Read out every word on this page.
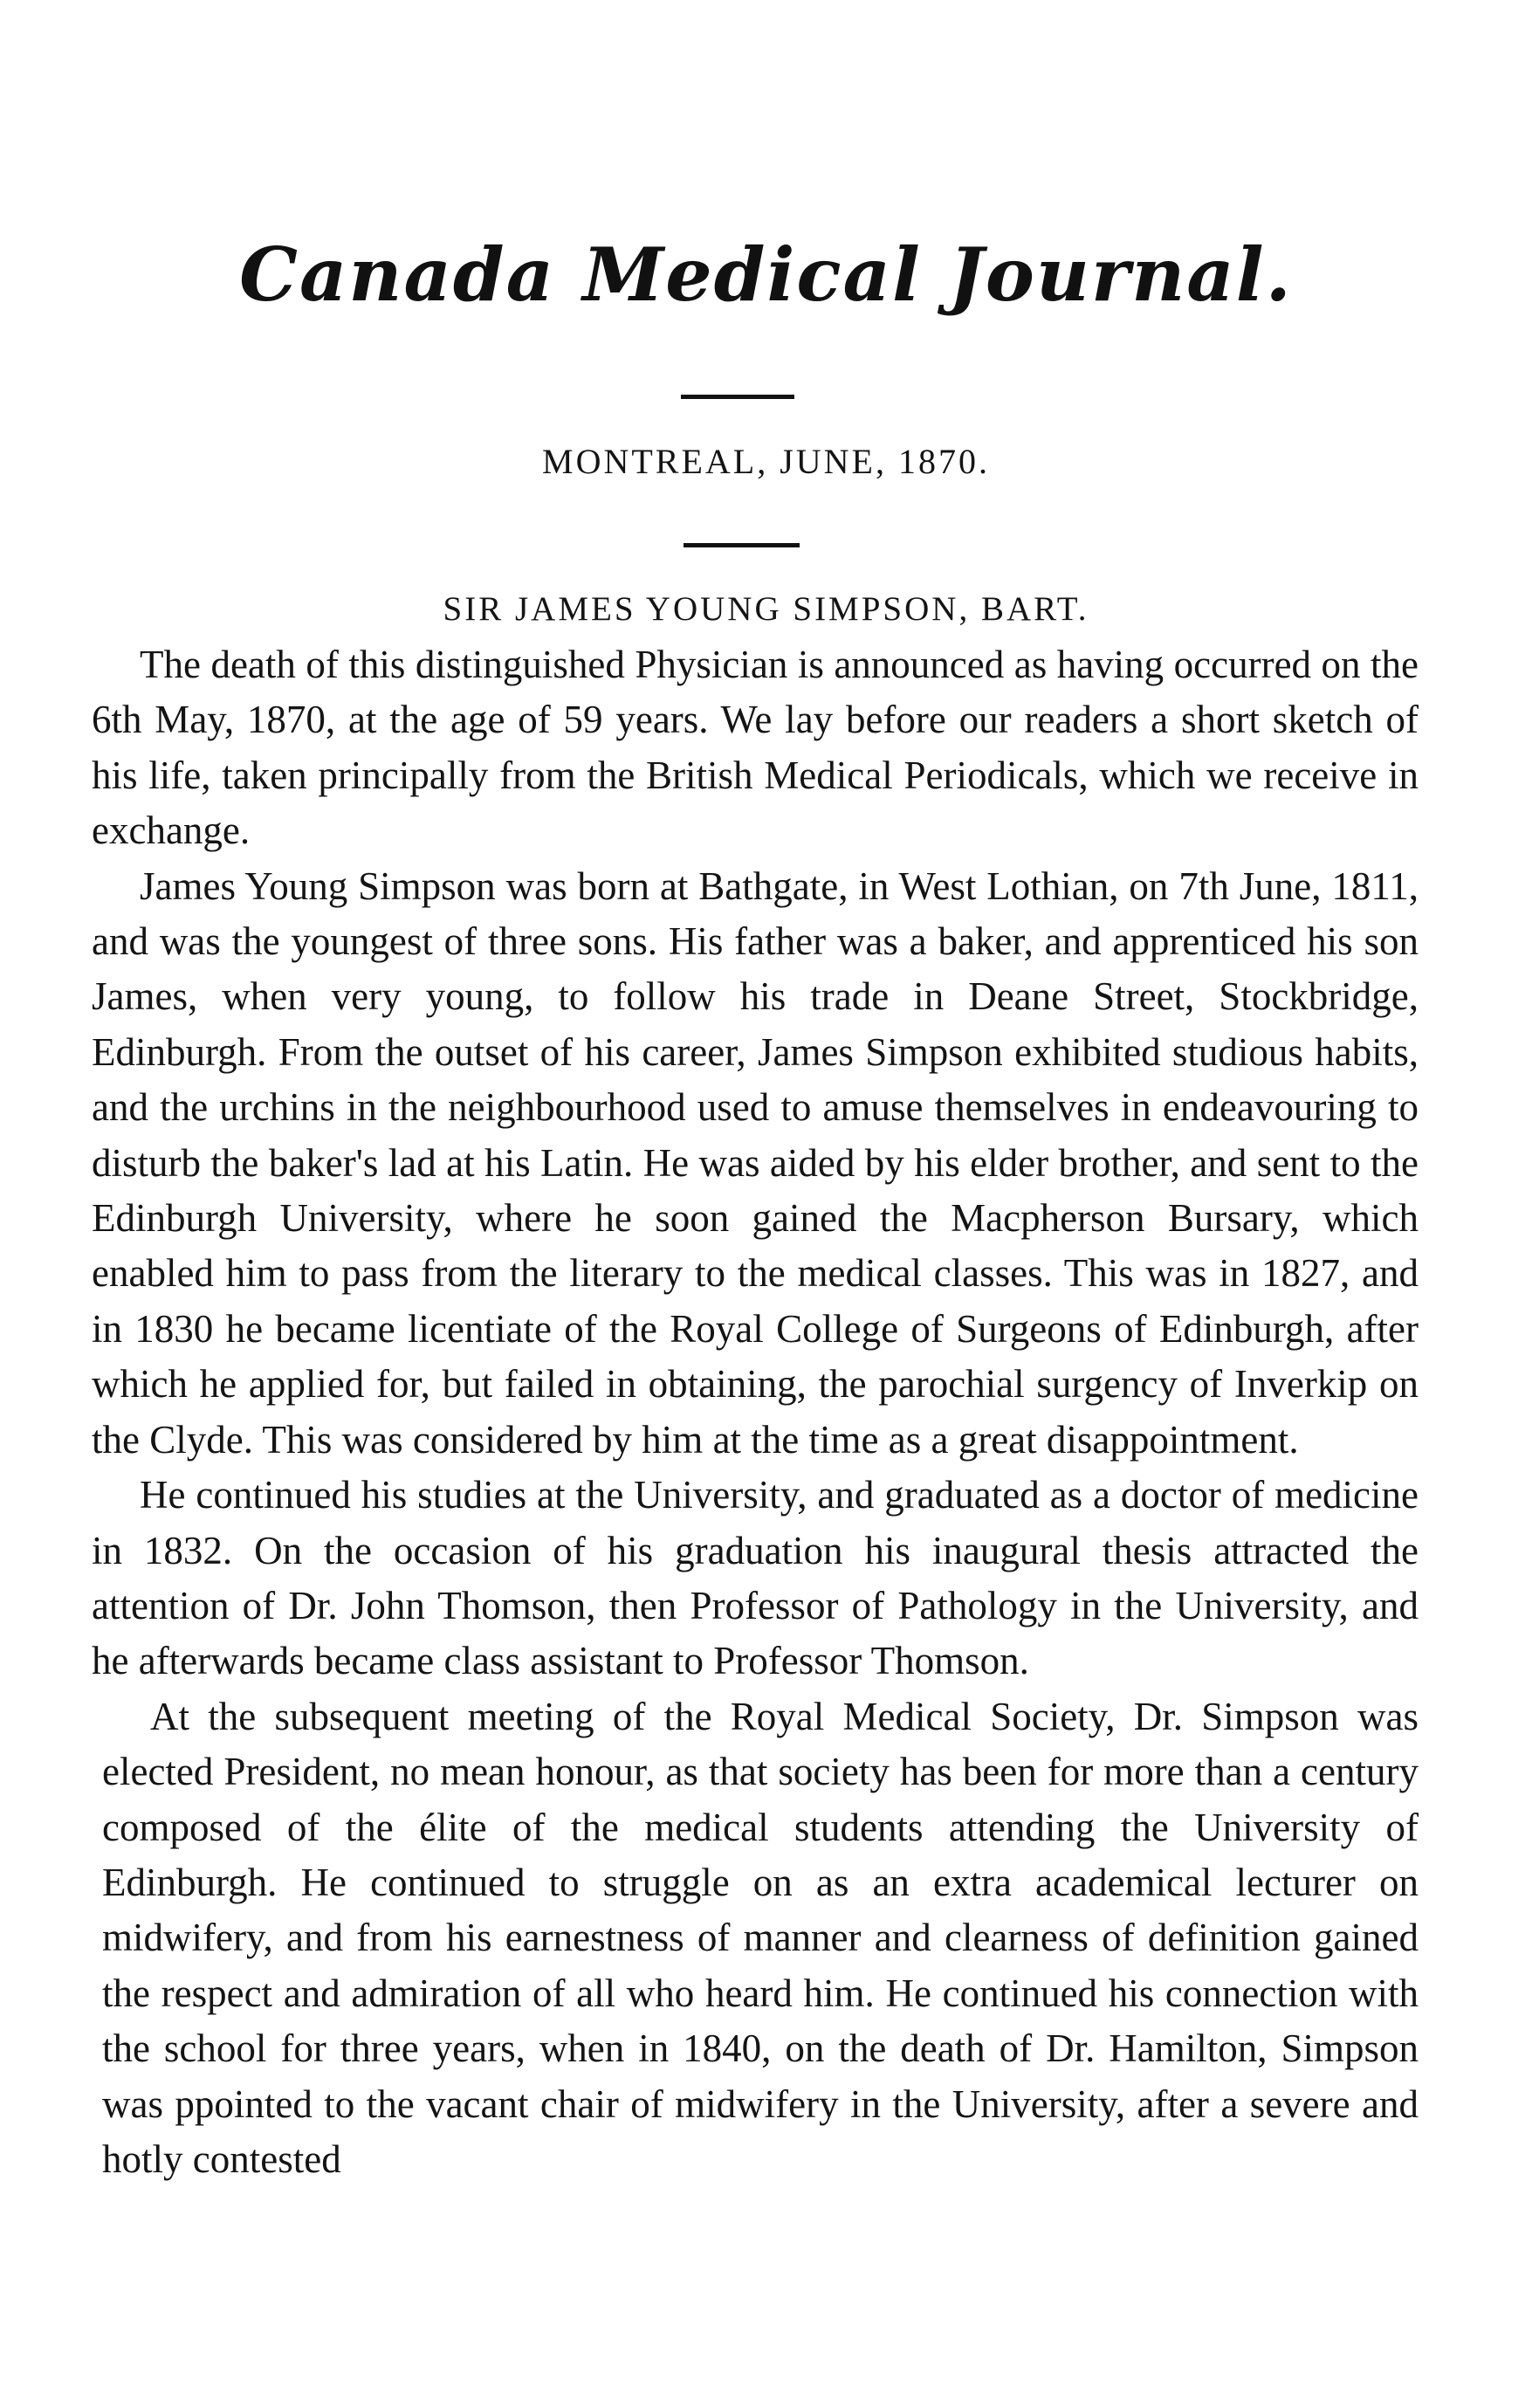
Canada Medical Journal.
MONTREAL, JUNE, 1870.
SIR JAMES YOUNG SIMPSON, BART.

The death of this distinguished Physician is announced as having occurred on the 6th May, 1870, at the age of 59 years. We lay before our readers a short sketch of his life, taken principally from the British Medical Periodicals, which we receive in exchange.

James Young Simpson was born at Bathgate, in West Lothian, on 7th June, 1811, and was the youngest of three sons. His father was a baker, and apprenticed his son James, when very young, to follow his trade in Deane Street, Stockbridge, Edinburgh. From the outset of his career, James Simpson exhibited studious habits, and the urchins in the neighbourhood used to amuse themselves in endeavouring to disturb the baker's lad at his Latin. He was aided by his elder brother, and sent to the Edinburgh University, where he soon gained the Macpherson Bursary, which enabled him to pass from the literary to the medical classes. This was in 1827, and in 1830 he became licentiate of the Royal College of Surgeons of Edinburgh, after which he applied for, but failed in obtaining, the parochial surgency of Inverkip on the Clyde. This was considered by him at the time as a great disappointment.

He continued his studies at the University, and graduated as a doctor of medicine in 1832. On the occasion of his graduation his inaugural thesis attracted the attention of Dr. John Thomson, then Professor of Pathology in the University, and he afterwards became class assistant to Professor Thomson.

At the subsequent meeting of the Royal Medical Society, Dr. Simpson was elected President, no mean honour, as that society has been for more than a century composed of the élite of the medical students attending the University of Edinburgh. He continued to struggle on as an extra academical lecturer on midwifery, and from his earnestness of manner and clearness of definition gained the respect and admiration of all who heard him. He continued his connection with the school for three years, when in 1840, on the death of Dr. Hamilton, Simpson was ppointed to the vacant chair of midwifery in the University, after a severe and hotly contested
